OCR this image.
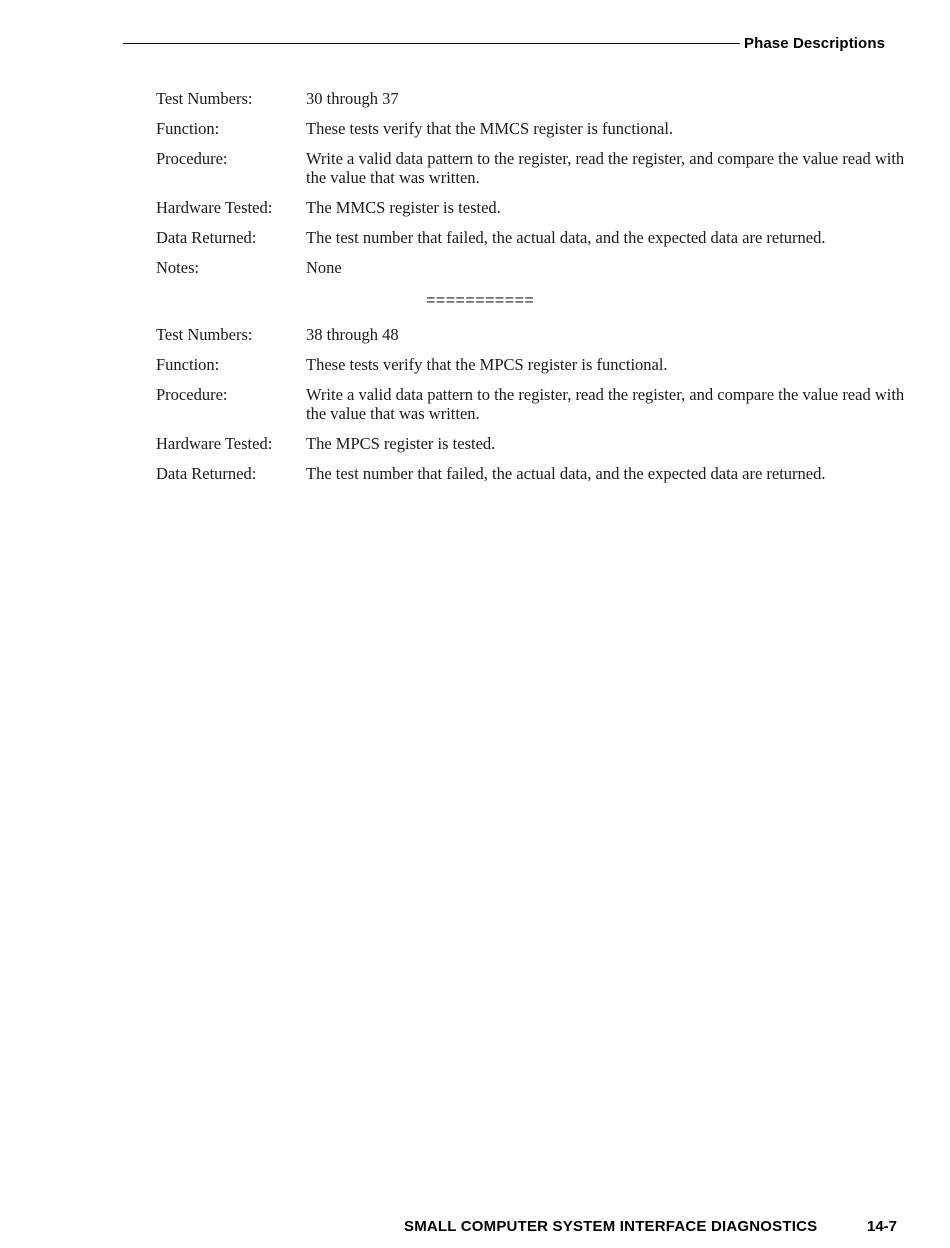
Phase Descriptions
Test Numbers:	30 through 37
Function:	These tests verify that the MMCS register is functional.
Procedure:	Write a valid data pattern to the register, read the register, and compare the value read with the value that was written.
Hardware Tested: The MMCS register is tested.
Data Returned:	The test number that failed, the actual data, and the expected data are returned.
Notes:	None
===========
Test Numbers:	38 through 48
Function:	These tests verify that the MPCS register is functional.
Procedure:	Write a valid data pattern to the register, read the register, and compare the value read with the value that was written.
Hardware Tested: The MPCS register is tested.
Data Returned:	The test number that failed, the actual data, and the expected data are returned.
SMALL COMPUTER SYSTEM INTERFACE DIAGNOSTICS	14-7
